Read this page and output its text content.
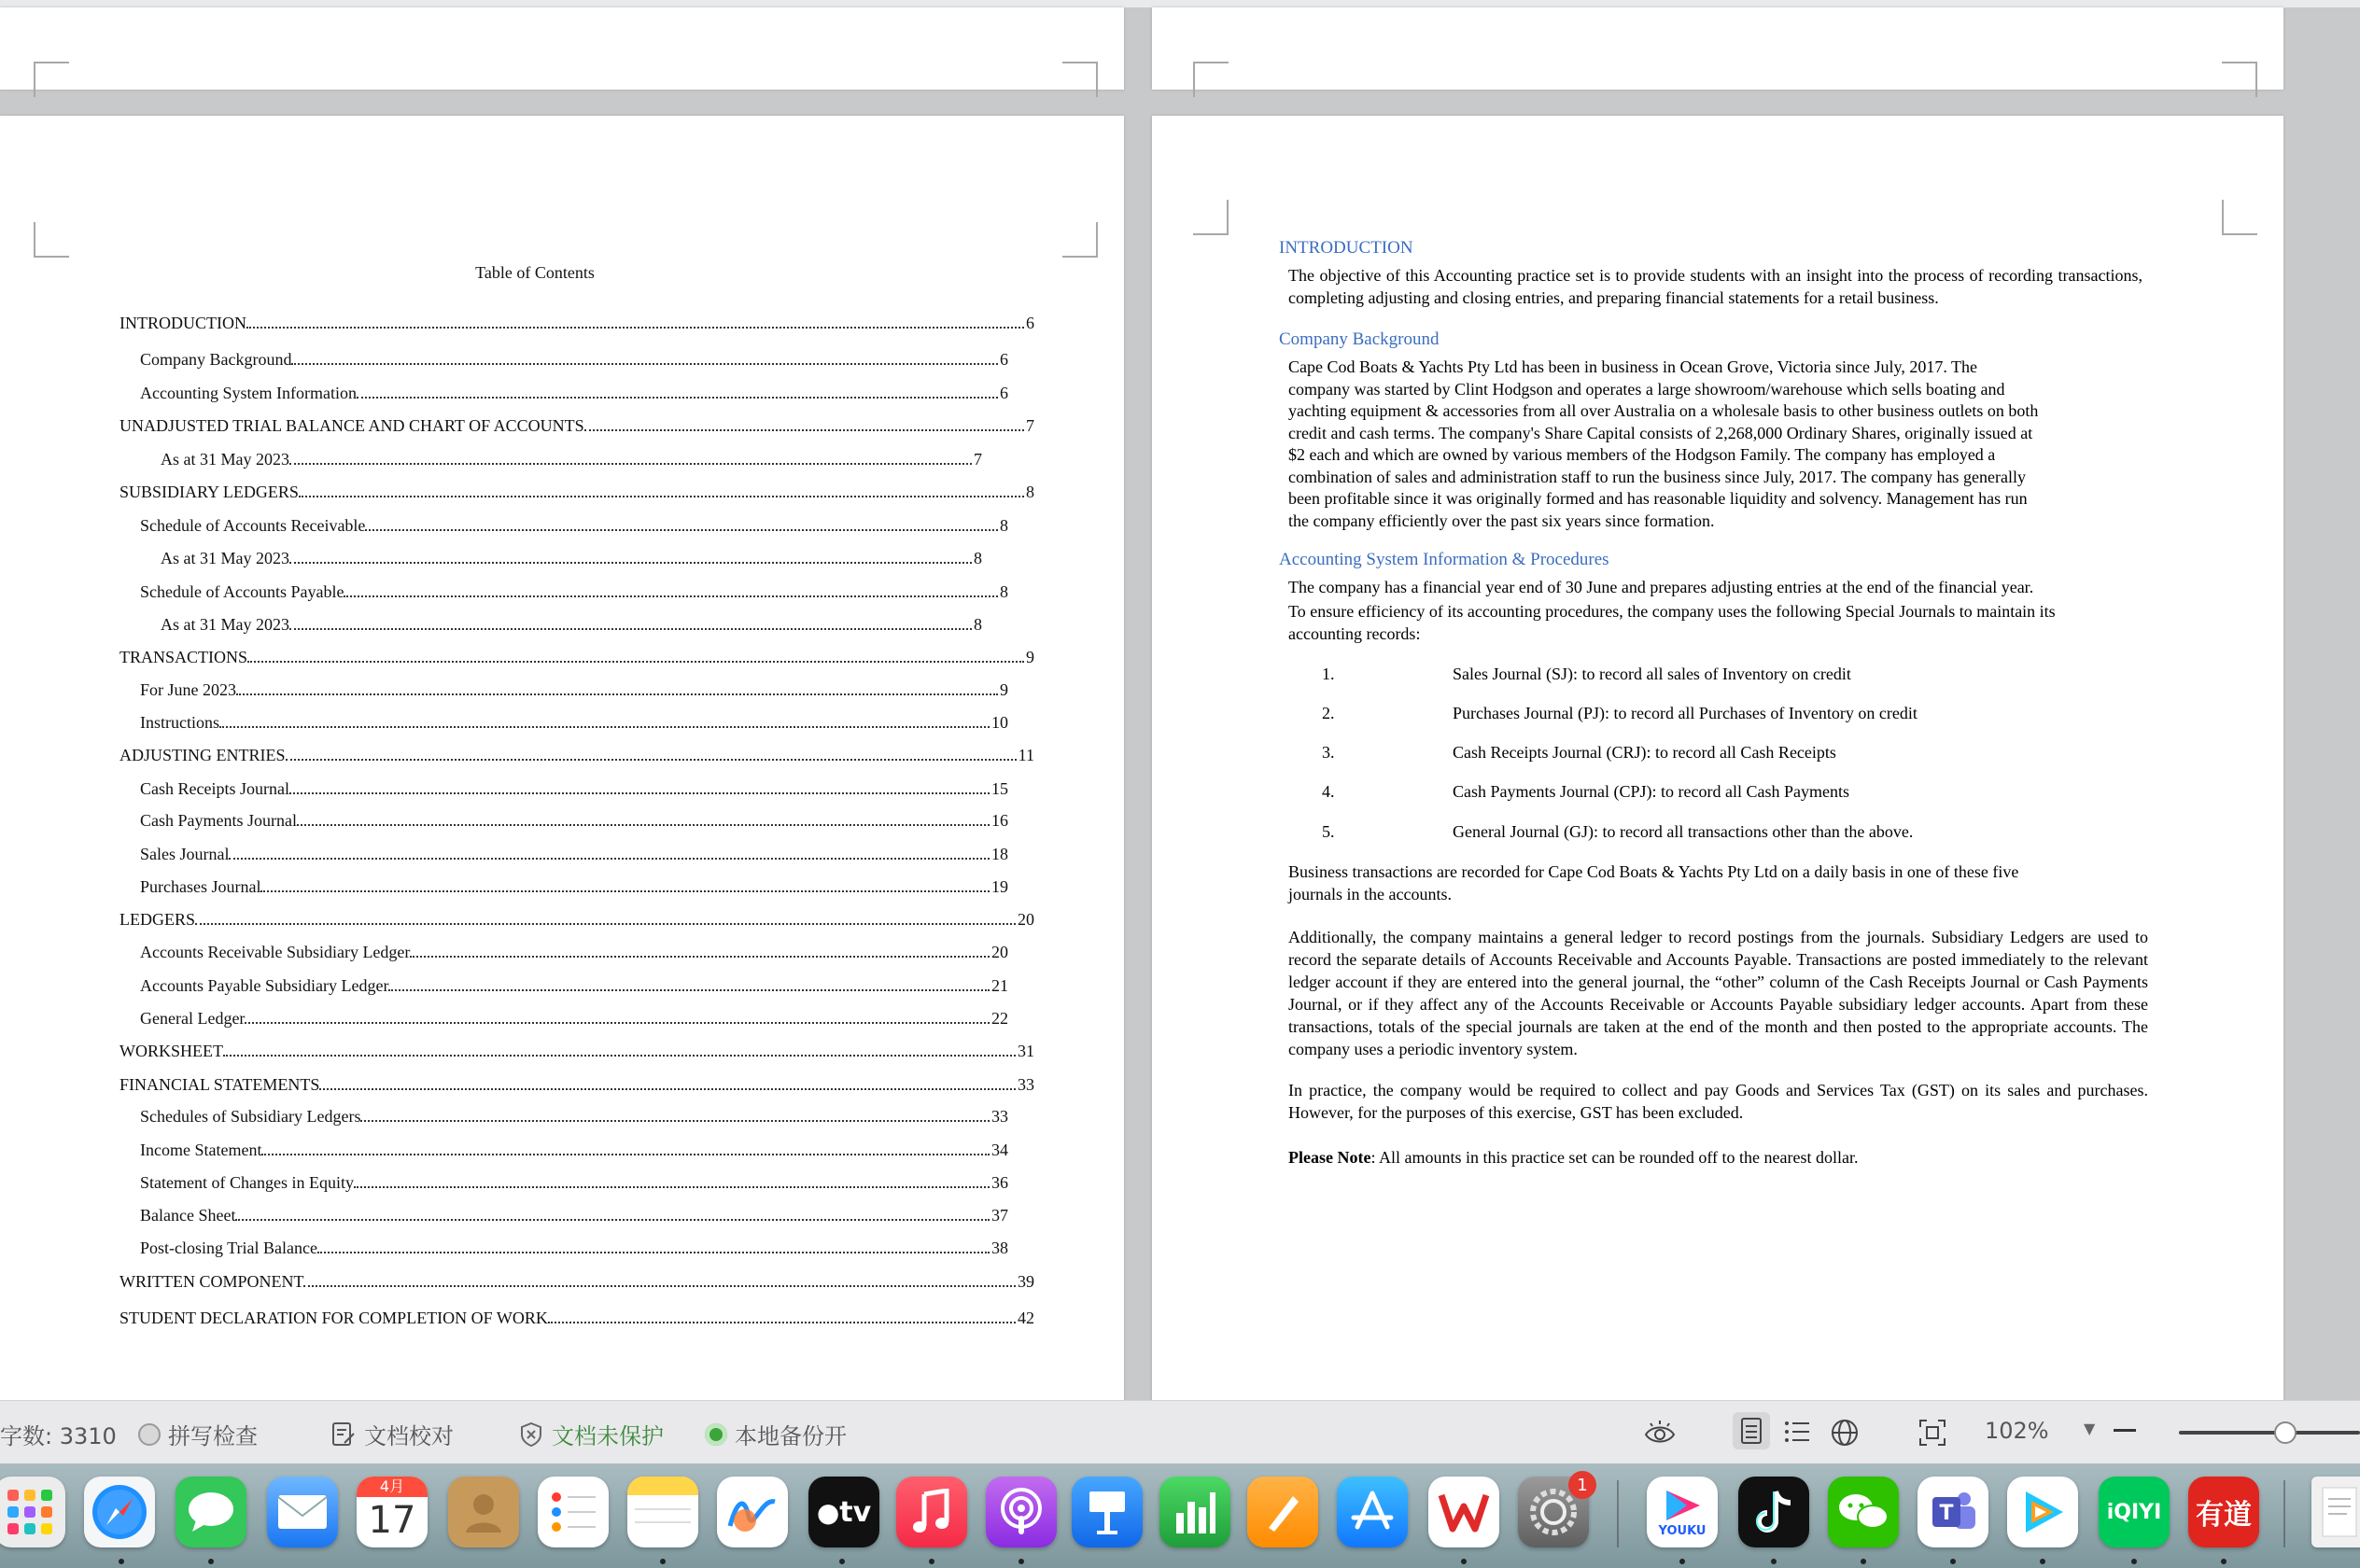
Table of Contents
INTRODUCTION	6
Company Background	6
Accounting System Information	6
UNADJUSTED TRIAL BALANCE AND CHART OF ACCOUNTS	7
As at 31 May 2023	7
SUBSIDIARY LEDGERS	8
Schedule of Accounts Receivable	8
As at 31 May 2023	8
Schedule of Accounts Payable	8
As at 31 May 2023	8
TRANSACTIONS	9
For June 2023	9
Instructions	10
ADJUSTING ENTRIES	11
Cash Receipts Journal	15
Cash Payments Journal	16
Sales Journal	18
Purchases Journal	19
LEDGERS	20
Accounts Receivable Subsidiary Ledger	20
Accounts Payable Subsidiary Ledger	21
General Ledger	22
WORKSHEET	31
FINANCIAL STATEMENTS	33
Schedules of Subsidiary Ledgers	33
Income Statement	34
Statement of Changes in Equity	36
Balance Sheet	37
Post-closing Trial Balance	38
WRITTEN COMPONENT	39
STUDENT DECLARATION FOR COMPLETION OF WORK	42
INTRODUCTION
The objective of this Accounting practice set is to provide students with an insight into the process of recording transactions, completing adjusting and closing entries, and preparing financial statements for a retail business.
Company Background
Cape Cod Boats & Yachts Pty Ltd has been in business in Ocean Grove, Victoria since July, 2017. The
company was started by Clint Hodgson and operates a large showroom/warehouse which sells boating and
yachting equipment & accessories from all over Australia on a wholesale basis to other business outlets on both
credit and cash terms. The company's Share Capital consists of 2,268,000 Ordinary Shares, originally issued at
$2 each and which are owned by various members of the Hodgson Family. The company has employed a
combination of sales and administration staff to run the business since July, 2017. The company has generally
been profitable since it was originally formed and has reasonable liquidity and solvency. Management has run
the company efficiently over the past six years since formation.
Accounting System Information & Procedures
The company has a financial year end of 30 June and prepares adjusting entries at the end of the financial year.
To ensure efficiency of its accounting procedures, the company uses the following Special Journals to maintain its
accounting records:
1.	Sales Journal (SJ): to record all sales of Inventory on credit
2.	Purchases Journal (PJ): to record all Purchases of Inventory on credit
3.	Cash Receipts Journal (CRJ): to record all Cash Receipts
4.	Cash Payments Journal (CPJ): to record all Cash Payments
5.	General Journal (GJ): to record all transactions other than the above.
Business transactions are recorded for Cape Cod Boats & Yachts Pty Ltd on a daily basis in one of these five
journals in the accounts.
Additionally, the company maintains a general ledger to record postings from the journals. Subsidiary Ledgers are used to record the separate details of Accounts Receivable and Accounts Payable. Transactions are posted immediately to the relevant ledger account if they are entered into the general journal, the “other” column of the Cash Receipts Journal or Cash Payments Journal, or if they affect any of the Accounts Receivable or Accounts Payable subsidiary ledger accounts. Apart from these transactions, totals of the special journals are taken at the end of the month and then posted to the appropriate accounts. The company uses a periodic inventory system.
In practice, the company would be required to collect and pay Goods and Services Tax (GST) on its sales and purchases. However, for the purposes of this exercise, GST has been excluded.
Please Note: All amounts in this practice set can be rounded off to the nearest dollar.
字数: 3310 拼写检查	文档校对	文档未保护	本地备份开	102% ▼
4月
17	● tv
1
YOUKU
T	iQIYI 有道
